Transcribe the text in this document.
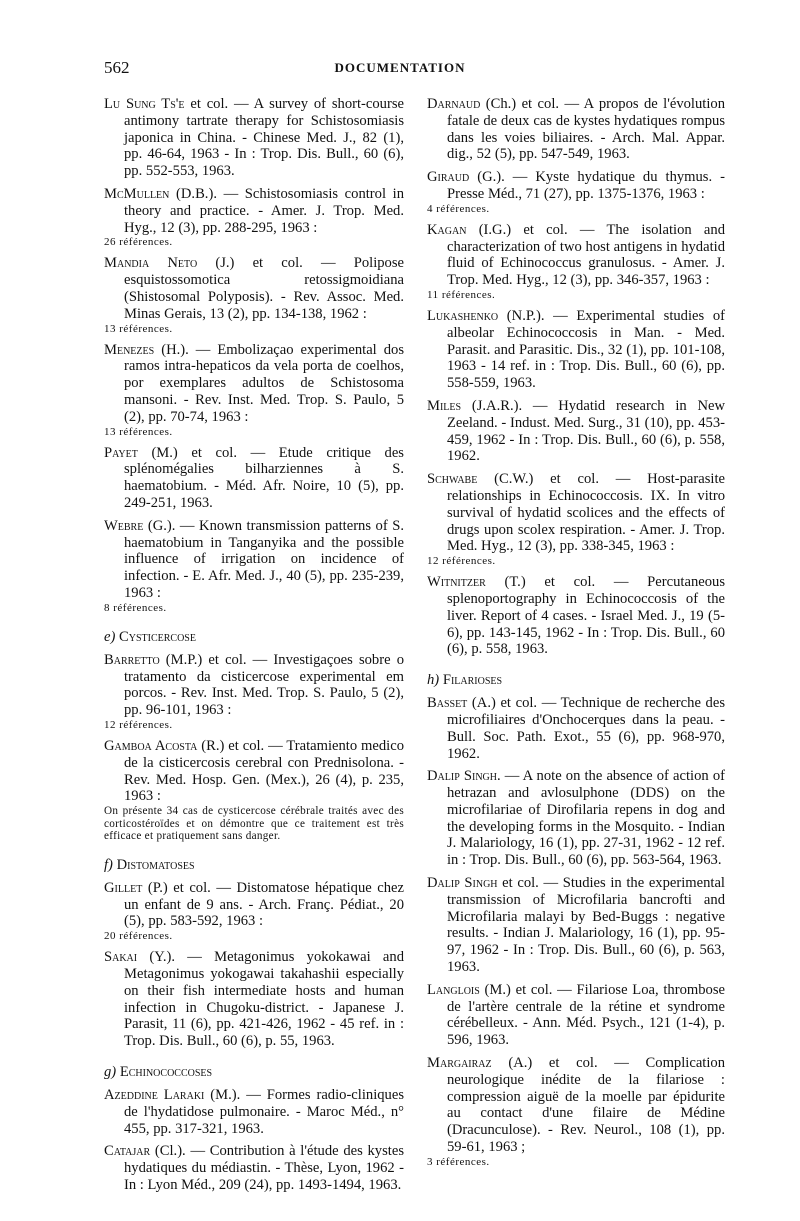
562	DOCUMENTATION
Lu Sung Ts'e et col. — A survey of short-course antimony tartrate therapy for Schistosomiasis japonica in China. - Chinese Med. J., 82 (1), pp. 46-64, 1963 - In : Trop. Dis. Bull., 60 (6), pp. 552-553, 1963.
McMullen (D.B.). — Schistosomiasis control in theory and practice. - Amer. J. Trop. Med. Hyg., 12 (3), pp. 288-295, 1963 :
26 références.
Mandia Neto (J.) et col. — Polipose esquistossomotica retossigmoidiana (Shistosomal Polyposis). - Rev. Assoc. Med. Minas Gerais, 13 (2), pp. 134-138, 1962 :
13 références.
Menezes (H.). — Embolizaçao experimental dos ramos intra-hepaticos da vela porta de coelhos, por exemplares adultos de Schistosoma mansoni. - Rev. Inst. Med. Trop. S. Paulo, 5 (2), pp. 70-74, 1963 :
13 références.
Payet (M.) et col. — Etude critique des splénomégalies bilharziennes à S. haematobium. - Méd. Afr. Noire, 10 (5), pp. 249-251, 1963.
Webre (G.). — Known transmission patterns of S. haematobium in Tanganyika and the possible influence of irrigation on incidence of infection. - E. Afr. Med. J., 40 (5), pp. 235-239, 1963 :
8 références.
e) Cysticercose
Barretto (M.P.) et col. — Investigaçoes sobre o tratamento da cisticercose experimental em porcos. - Rev. Inst. Med. Trop. S. Paulo, 5 (2), pp. 96-101, 1963 :
12 références.
Gamboa Acosta (R.) et col. — Tratamiento medico de la cisticercosis cerebral con Prednisolona. - Rev. Med. Hosp. Gen. (Mex.), 26 (4), p. 235, 1963 :
On présente 34 cas de cysticercose cérébrale traités avec des corticostéroïdes et on démontre que ce traitement est très efficace et pratiquement sans danger.
f) Distomatoses
Gillet (P.) et col. — Distomatose hépatique chez un enfant de 9 ans. - Arch. Franç. Pédiat., 20 (5), pp. 583-592, 1963 :
20 références.
Sakai (Y.). — Metagonimus yokokawai and Metagonimus yokogawai takahashii especially on their fish intermediate hosts and human infection in Chugoku-district. - Japanese J. Parasit, 11 (6), pp. 421-426, 1962 - 45 ref. in : Trop. Dis. Bull., 60 (6), p. 55, 1963.
g) Echinococcoses
Azeddine Laraki (M.). — Formes radio-cliniques de l'hydatidose pulmonaire. - Maroc Méd., n° 455, pp. 317-321, 1963.
Catajar (Cl.). — Contribution à l'étude des kystes hydatiques du médiastin. - Thèse, Lyon, 1962 - In : Lyon Méd., 209 (24), pp. 1493-1494, 1963.
Darnaud (Ch.) et col. — A propos de l'évolution fatale de deux cas de kystes hydatiques rompus dans les voies biliaires. - Arch. Mal. Appar. dig., 52 (5), pp. 547-549, 1963.
Giraud (G.). — Kyste hydatique du thymus. - Presse Méd., 71 (27), pp. 1375-1376, 1963 :
4 références.
Kagan (I.G.) et col. — The isolation and characterization of two host antigens in hydatid fluid of Echinococcus granulosus. - Amer. J. Trop. Med. Hyg., 12 (3), pp. 346-357, 1963 :
11 références.
Lukashenko (N.P.). — Experimental studies of albeolar Echinococcosis in Man. - Med. Parasit. and Parasitic. Dis., 32 (1), pp. 101-108, 1963 - 14 ref. in : Trop. Dis. Bull., 60 (6), pp. 558-559, 1963.
Miles (J.A.R.). — Hydatid research in New Zeeland. - Indust. Med. Surg., 31 (10), pp. 453-459, 1962 - In : Trop. Dis. Bull., 60 (6), p. 558, 1962.
Schwabe (C.W.) et col. — Host-parasite relationships in Echinococcosis. IX. In vitro survival of hydatid scolices and the effects of drugs upon scolex respiration. - Amer. J. Trop. Med. Hyg., 12 (3), pp. 338-345, 1963 :
12 références.
Witnitzer (T.) et col. — Percutaneous splenoportography in Echinococcosis of the liver. Report of 4 cases. - Israel Med. J., 19 (5-6), pp. 143-145, 1962 - In : Trop. Dis. Bull., 60 (6), p. 558, 1963.
h) Filarioses
Basset (A.) et col. — Technique de recherche des microfiliaires d'Onchocerques dans la peau. - Bull. Soc. Path. Exot., 55 (6), pp. 968-970, 1962.
Dalip Singh. — A note on the absence of action of hetrazan and avlosulphone (DDS) on the microfilariae of Dirofilaria repens in dog and the developing forms in the Mosquito. - Indian J. Malariology, 16 (1), pp. 27-31, 1962 - 12 ref. in : Trop. Dis. Bull., 60 (6), pp. 563-564, 1963.
Dalip Singh et col. — Studies in the experimental transmission of Microfilaria bancrofti and Microfilaria malayi by Bed-Buggs : negative results. - Indian J. Malariology, 16 (1), pp. 95-97, 1962 - In : Trop. Dis. Bull., 60 (6), p. 563, 1963.
Langlois (M.) et col. — Filariose Loa, thrombose de l'artère centrale de la rétine et syndrome cérébelleux. - Ann. Méd. Psych., 121 (1-4), p. 596, 1963.
Margairaz (A.) et col. — Complication neurologique inédite de la filariose : compression aiguë de la moelle par épidurite au contact d'une filaire de Médine (Dracunculose). - Rev. Neurol., 108 (1), pp. 59-61, 1963 ;
3 références.
